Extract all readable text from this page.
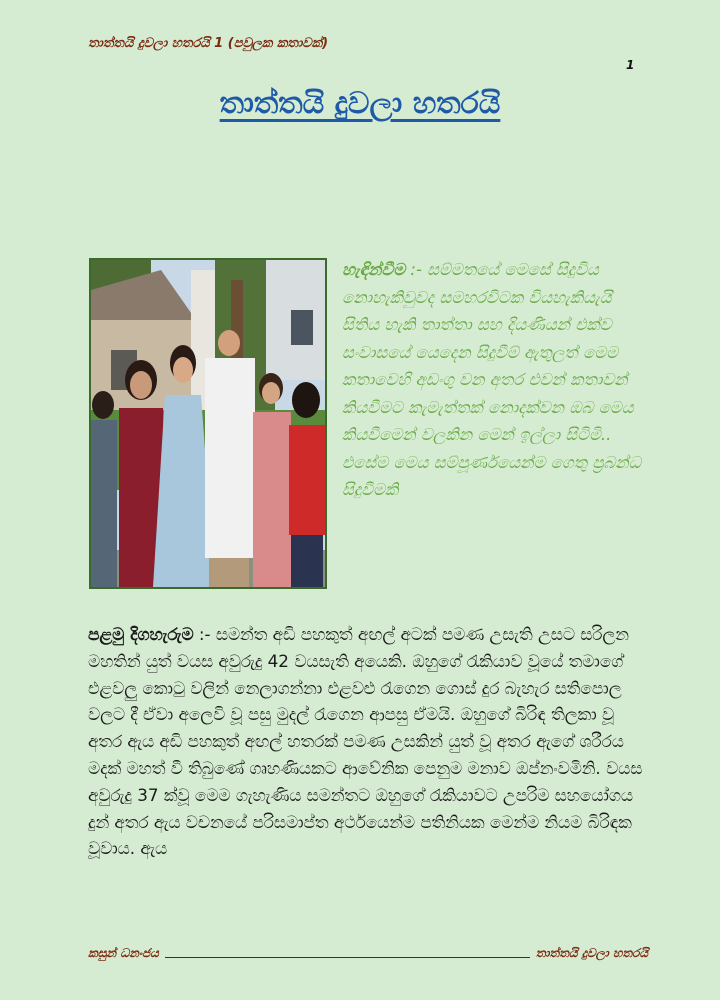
තාත්තයි දුවලා හතරයි 1 (පවුලක කතාවක්)
1
තාත්තයි දුවලා හතරයි
හැඳින්වීම :- සම්මතයේ මෙසේ සිදුවිය නොහැකිවුවද සමහරවිටක වියහැකියැයි සිතිය හැකි තාත්තා සහ දියණියන් එක්ව සංවාසයේ යෙදෙන සිදුවීම් ඇතුලත් මෙම කතාවෙහි අඩංගු වන අතර එවන් කතාවන් කියවීමට කැමැත්තක් නොදක්වන ඔබ මෙය කියවීමෙන් වලකින මෙන් ඉල්ලා සිටිමි.. එසේම මෙය සම්පූර්ණයෙන්ම ගෙතු ප්‍රබන්ධ සිදුවීමකි
පළමු දිගහැරුම :- සමන්ත අඩි පහකුත් අඟල් අටක් පමණ උසැති උසට සරිලන මහතින් යුත් වයස අවුරුදු 42 වයසැති අයෙකි. ඔහුගේ රැකියාව වූයේ තමාගේ එළවලු කොටු වලින් නෙලාගන්නා එළවළු රැගෙන ගොස් දුර බැහැර සතිපොල වලට දී ඒවා අලෙවි වූ පසු මුදල් රැගෙන ආපසු ඒමයි. ඔහුගේ බිරිඳ තිලකා වූ අතර ඇය අඩි පහකුත් අඟල් හතරක් පමණ උසකින් යුත් වූ අතර ඇගේ ශරීරය මදක් මහත් වී තිබුණේ ගෘහණියකට ආවේනික පෙනුම මනාව ඔප්නංවමිනි. වයස අවුරුදු 37 ක්වූ මෙම ගැහැණිය සමන්තට ඔහුගේ රැකියාවට උපරිම සහයෝගය දුන් අතර ඇය වචනයේ පරිසමාප්ත අර්ථයෙන්ම පතිනියක මෙන්ම නියම බිරිඳක වූවාය. ඇය
කසුන් ධනංජය	තාත්තයි දුවලා හතරයි
